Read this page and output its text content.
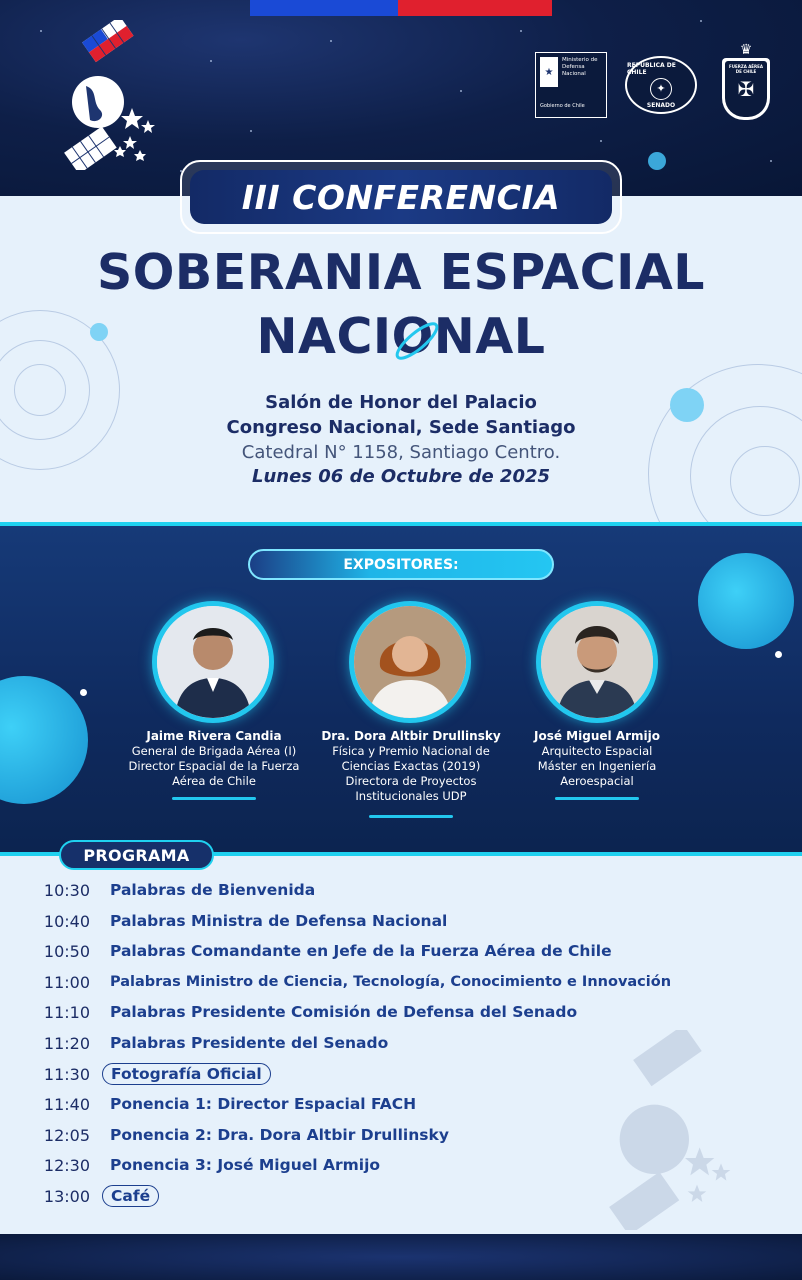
★
Ministerio de
Defensa
Nacional
Gobierno de Chile
REPÚBLICA DE CHILE
✦
SENADO
♛
FUERZA AÉREA DE CHILE
✠
III CONFERENCIA
SOBERANIA ESPACIAL
NACIONAL
Salón de Honor del Palacio
Congreso Nacional, Sede Santiago
Catedral N° 1158, Santiago Centro.
Lunes 06 de Octubre de 2025
EXPOSITORES:
Jaime Rivera Candia
General de Brigada Aérea (I)
Director Espacial de la Fuerza
Aérea de Chile
Dra. Dora Altbir Drullinsky
Física y Premio Nacional de
Ciencias Exactas (2019)
Directora de Proyectos
Institucionales UDP
José Miguel Armijo
Arquitecto Espacial
Máster en Ingeniería
Aeroespacial
PROGRAMA
10:30	Palabras de Bienvenida
10:40	Palabras Ministra de Defensa Nacional
10:50	Palabras Comandante en Jefe de la Fuerza Aérea de Chile
11:00	Palabras Ministro de Ciencia, Tecnología, Conocimiento e Innovación
11:10	Palabras Presidente Comisión de Defensa del Senado
11:20	Palabras Presidente del Senado
11:30	Fotografía Oficial
11:40	Ponencia 1: Director Espacial FACH
12:05	Ponencia 2: Dra. Dora Altbir Drullinsky
12:30	Ponencia 3: José Miguel Armijo
13:00	Café
